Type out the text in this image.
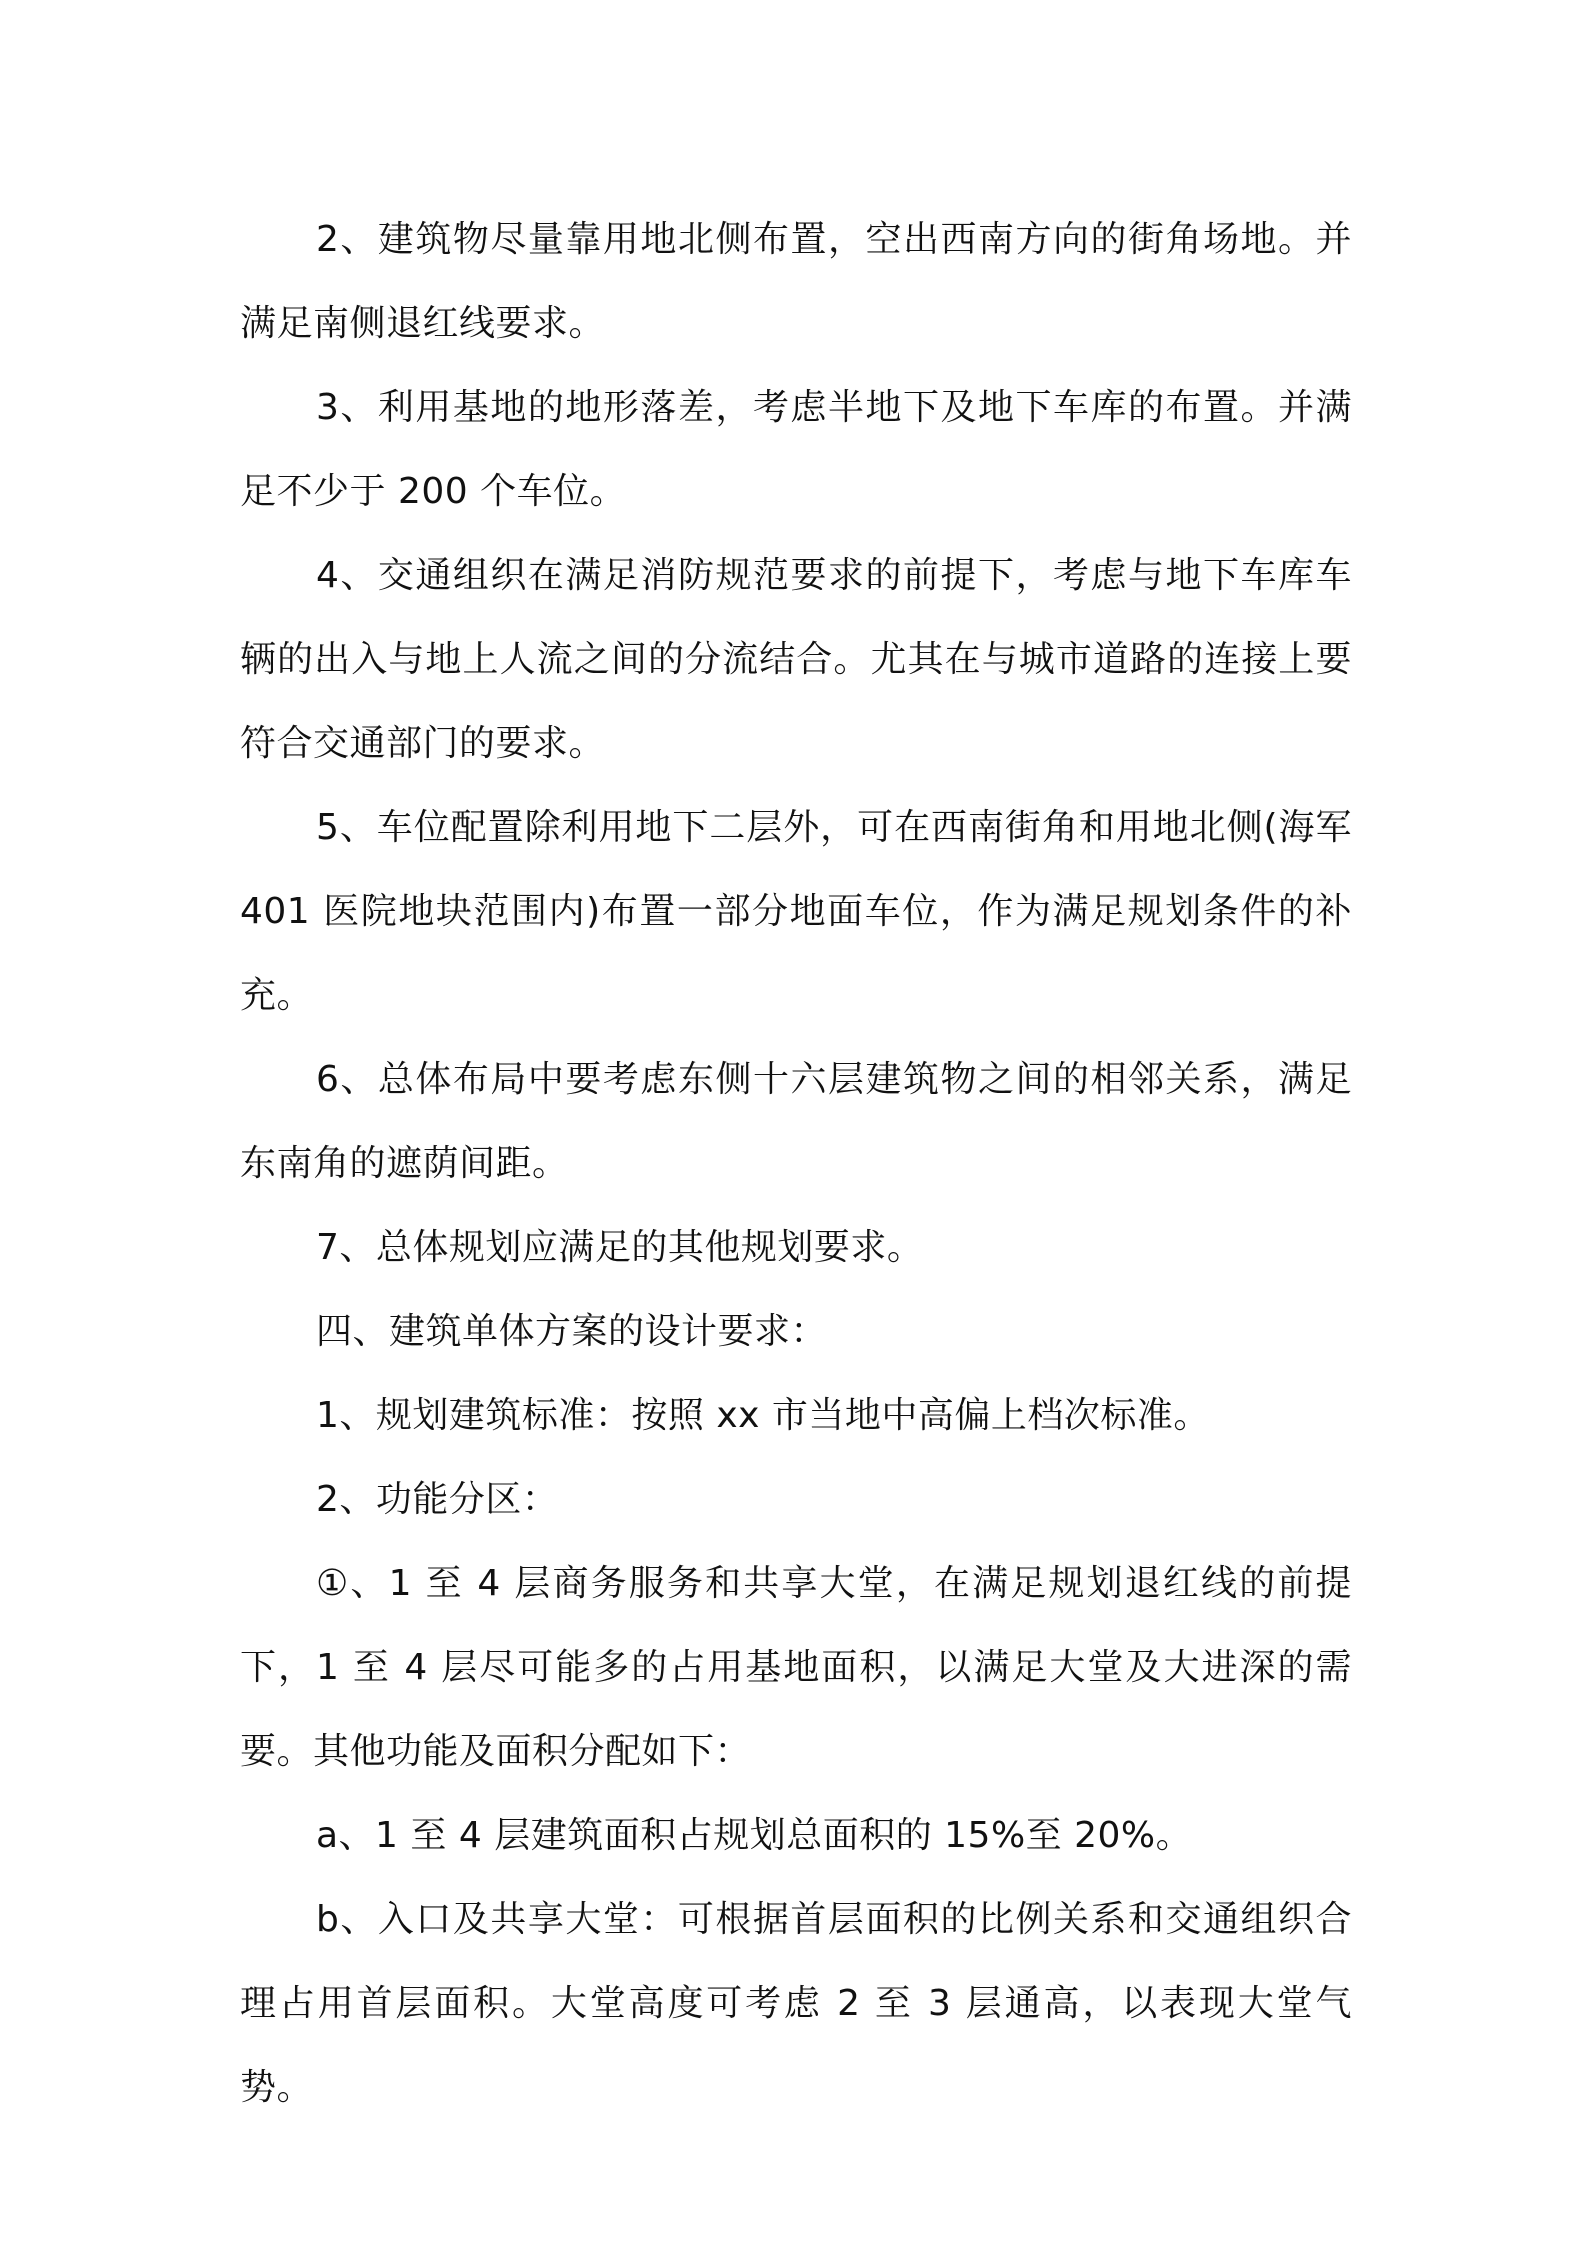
2、建筑物尽量靠用地北侧布置，空出西南方向的街角场地。并满足南侧退红线要求。

3、利用基地的地形落差，考虑半地下及地下车库的布置。并满足不少于 200 个车位。

4、交通组织在满足消防规范要求的前提下，考虑与地下车库车辆的出入与地上人流之间的分流结合。尤其在与城市道路的连接上要符合交通部门的要求。

5、车位配置除利用地下二层外，可在西南街角和用地北侧(海军 401 医院地块范围内)布置一部分地面车位，作为满足规划条件的补充。

6、总体布局中要考虑东侧十六层建筑物之间的相邻关系，满足东南角的遮荫间距。

7、总体规划应满足的其他规划要求。

四、建筑单体方案的设计要求：

1、规划建筑标准：按照 xx 市当地中高偏上档次标准。

2、功能分区：

①、1 至 4 层商务服务和共享大堂，在满足规划退红线的前提下，1 至 4 层尽可能多的占用基地面积，以满足大堂及大进深的需要。其他功能及面积分配如下：

a、1 至 4 层建筑面积占规划总面积的 15%至 20%。

b、入口及共享大堂：可根据首层面积的比例关系和交通组织合理占用首层面积。大堂高度可考虑 2 至 3 层通高，以表现大堂气势。
